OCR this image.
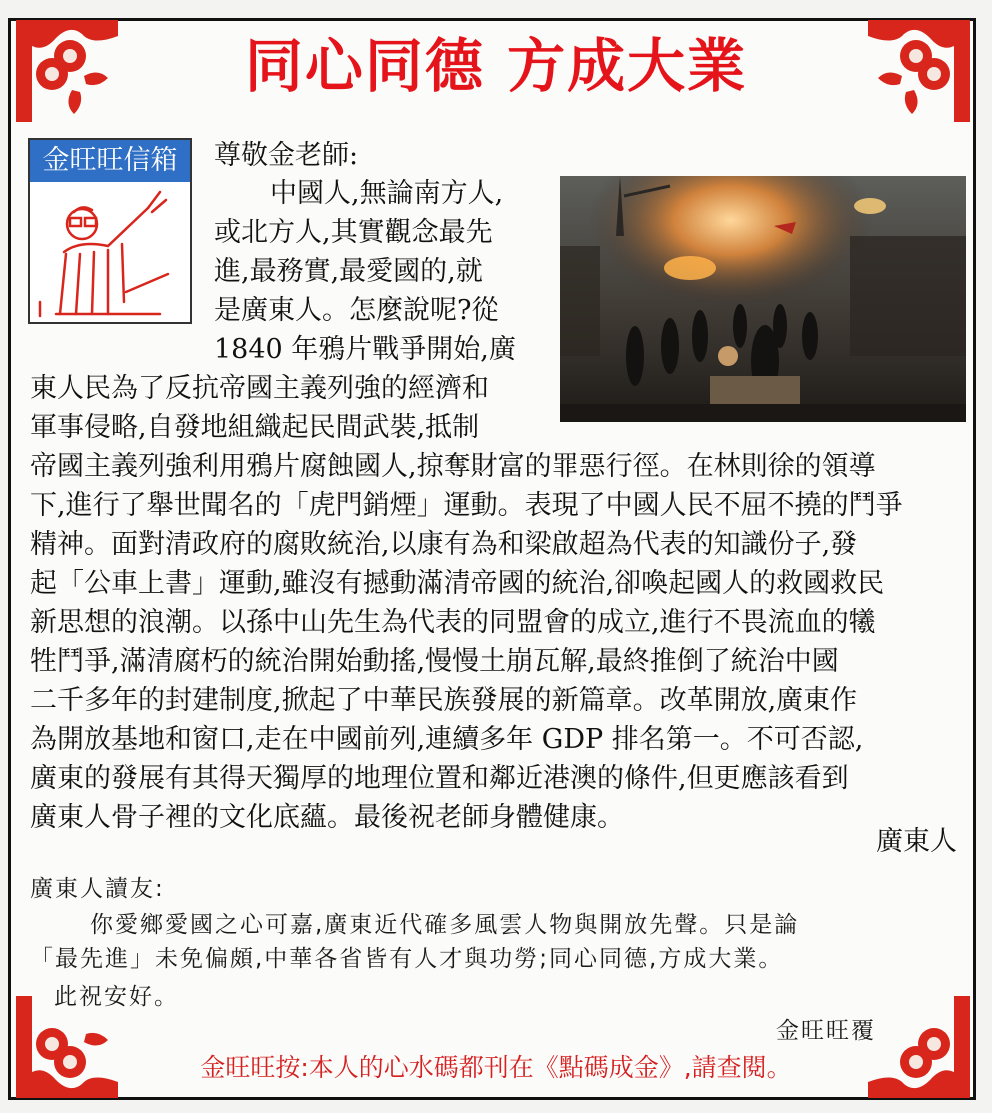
同心同德 方成大業
金旺旺信箱	尊敬金老師:
中國人,無論南方人,
或北方人,其實觀念最先
進,最務實,最愛國的,就
是廣東人。怎麼說呢?從
1840 年鴉片戰爭開始,廣
東人民為了反抗帝國主義列強的經濟和
軍事侵略,自發地組織起民間武裝,抵制
帝國主義列強利用鴉片腐蝕國人,掠奪財富的罪惡行徑。在林則徐的領導
下,進行了舉世聞名的「虎門銷煙」運動。表現了中國人民不屈不撓的鬥爭
精神。面對清政府的腐敗統治,以康有為和梁啟超為代表的知識份子,發
起「公車上書」運動,雖沒有撼動滿清帝國的統治,卻喚起國人的救國救民
新思想的浪潮。以孫中山先生為代表的同盟會的成立,進行不畏流血的犧
牲鬥爭,滿清腐朽的統治開始動搖,慢慢土崩瓦解,最終推倒了統治中國
二千多年的封建制度,掀起了中華民族發展的新篇章。改革開放,廣東作
為開放基地和窗口,走在中國前列,連續多年 GDP 排名第一。不可否認,
廣東的發展有其得天獨厚的地理位置和鄰近港澳的條件,但更應該看到
廣東人骨子裡的文化底蘊。最後祝老師身體健康。
廣東人
廣東人讀友:
你愛鄉愛國之心可嘉,廣東近代確多風雲人物與開放先聲。只是論
「最先進」未免偏頗,中華各省皆有人才與功勞;同心同德,方成大業。
此祝安好。
金旺旺覆
金旺旺按:本人的心水碼都刊在《點碼成金》,請查閱。
